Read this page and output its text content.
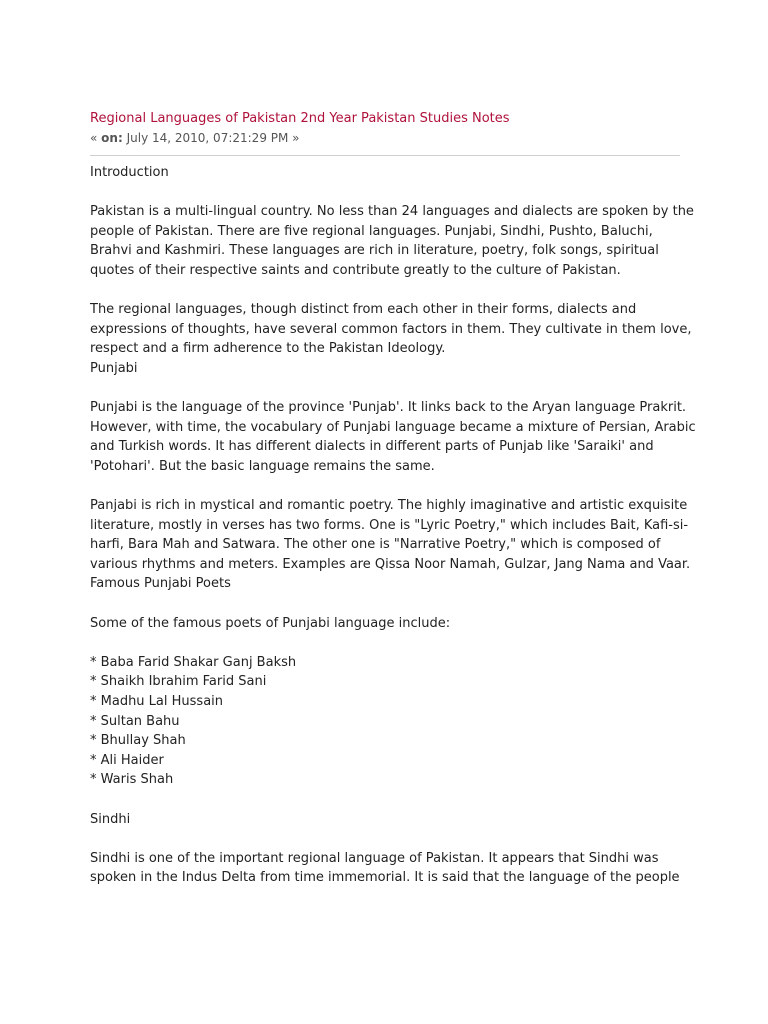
Regional Languages of Pakistan 2nd Year Pakistan Studies Notes
« on: July 14, 2010, 07:21:29 PM »
Introduction
Pakistan is a multi-lingual country. No less than 24 languages and dialects are spoken by the
people of Pakistan. There are five regional languages. Punjabi, Sindhi, Pushto, Baluchi,
Brahvi and Kashmiri. These languages are rich in literature, poetry, folk songs, spiritual
quotes of their respective saints and contribute greatly to the culture of Pakistan.
The regional languages, though distinct from each other in their forms, dialects and
expressions of thoughts, have several common factors in them. They cultivate in them love,
respect and a firm adherence to the Pakistan Ideology.
Punjabi
Punjabi is the language of the province 'Punjab'. It links back to the Aryan language Prakrit.
However, with time, the vocabulary of Punjabi language became a mixture of Persian, Arabic
and Turkish words. It has different dialects in different parts of Punjab like 'Saraiki' and
'Potohari'. But the basic language remains the same.
Panjabi is rich in mystical and romantic poetry. The highly imaginative and artistic exquisite
literature, mostly in verses has two forms. One is "Lyric Poetry," which includes Bait, Kafi-si-
harfi, Bara Mah and Satwara. The other one is "Narrative Poetry," which is composed of
various rhythms and meters. Examples are Qissa Noor Namah, Gulzar, Jang Nama and Vaar.
Famous Punjabi Poets
Some of the famous poets of Punjabi language include:
* Baba Farid Shakar Ganj Baksh
* Shaikh Ibrahim Farid Sani
* Madhu Lal Hussain
* Sultan Bahu
* Bhullay Shah
* Ali Haider
* Waris Shah
Sindhi
Sindhi is one of the important regional language of Pakistan. It appears that Sindhi was
spoken in the Indus Delta from time immemorial. It is said that the language of the people
